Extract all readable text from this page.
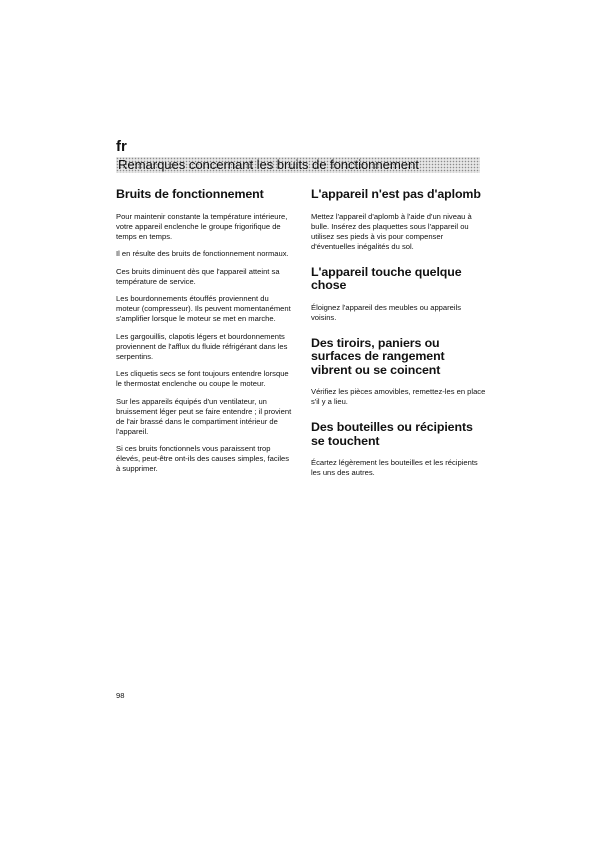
fr
Remarques concernant les bruits de fonctionnement
Bruits de fonctionnement

Pour maintenir constante la température intérieure, votre appareil enclenche le groupe frigorifique de temps en temps.

Il en résulte des bruits de fonctionnement normaux.

Ces bruits diminuent dès que l'appareil atteint sa température de service.

Les bourdonnements étouffés proviennent du moteur (compresseur). Ils peuvent momentanément s'amplifier lorsque le moteur se met en marche.

Les gargouillis, clapotis légers et bourdonnements proviennent de l'afflux du fluide réfrigérant dans les serpentins.

Les cliquetis secs se font toujours entendre lorsque le thermostat enclenche ou coupe le moteur.

Sur les appareils équipés d'un ventilateur, un bruissement léger peut se faire entendre ; il provient de l'air brassé dans le compartiment intérieur de l'appareil.

Si ces bruits fonctionnels vous paraissent trop élevés, peut-être ont-ils des causes simples, faciles à supprimer.

L'appareil n'est pas d'aplomb

Mettez l'appareil d'aplomb à l'aide d'un niveau à bulle. Insérez des plaquettes sous l'appareil ou utilisez ses pieds à vis pour compenser d'éventuelles inégalités du sol.

L'appareil touche quelque chose

Éloignez l'appareil des meubles ou appareils voisins.

Des tiroirs, paniers ou surfaces de rangement vibrent ou se coincent

Vérifiez les pièces amovibles, remettez-les en place s'il y a lieu.

Des bouteilles ou récipients se touchent

Écartez légèrement les bouteilles et les récipients les uns des autres.

98
